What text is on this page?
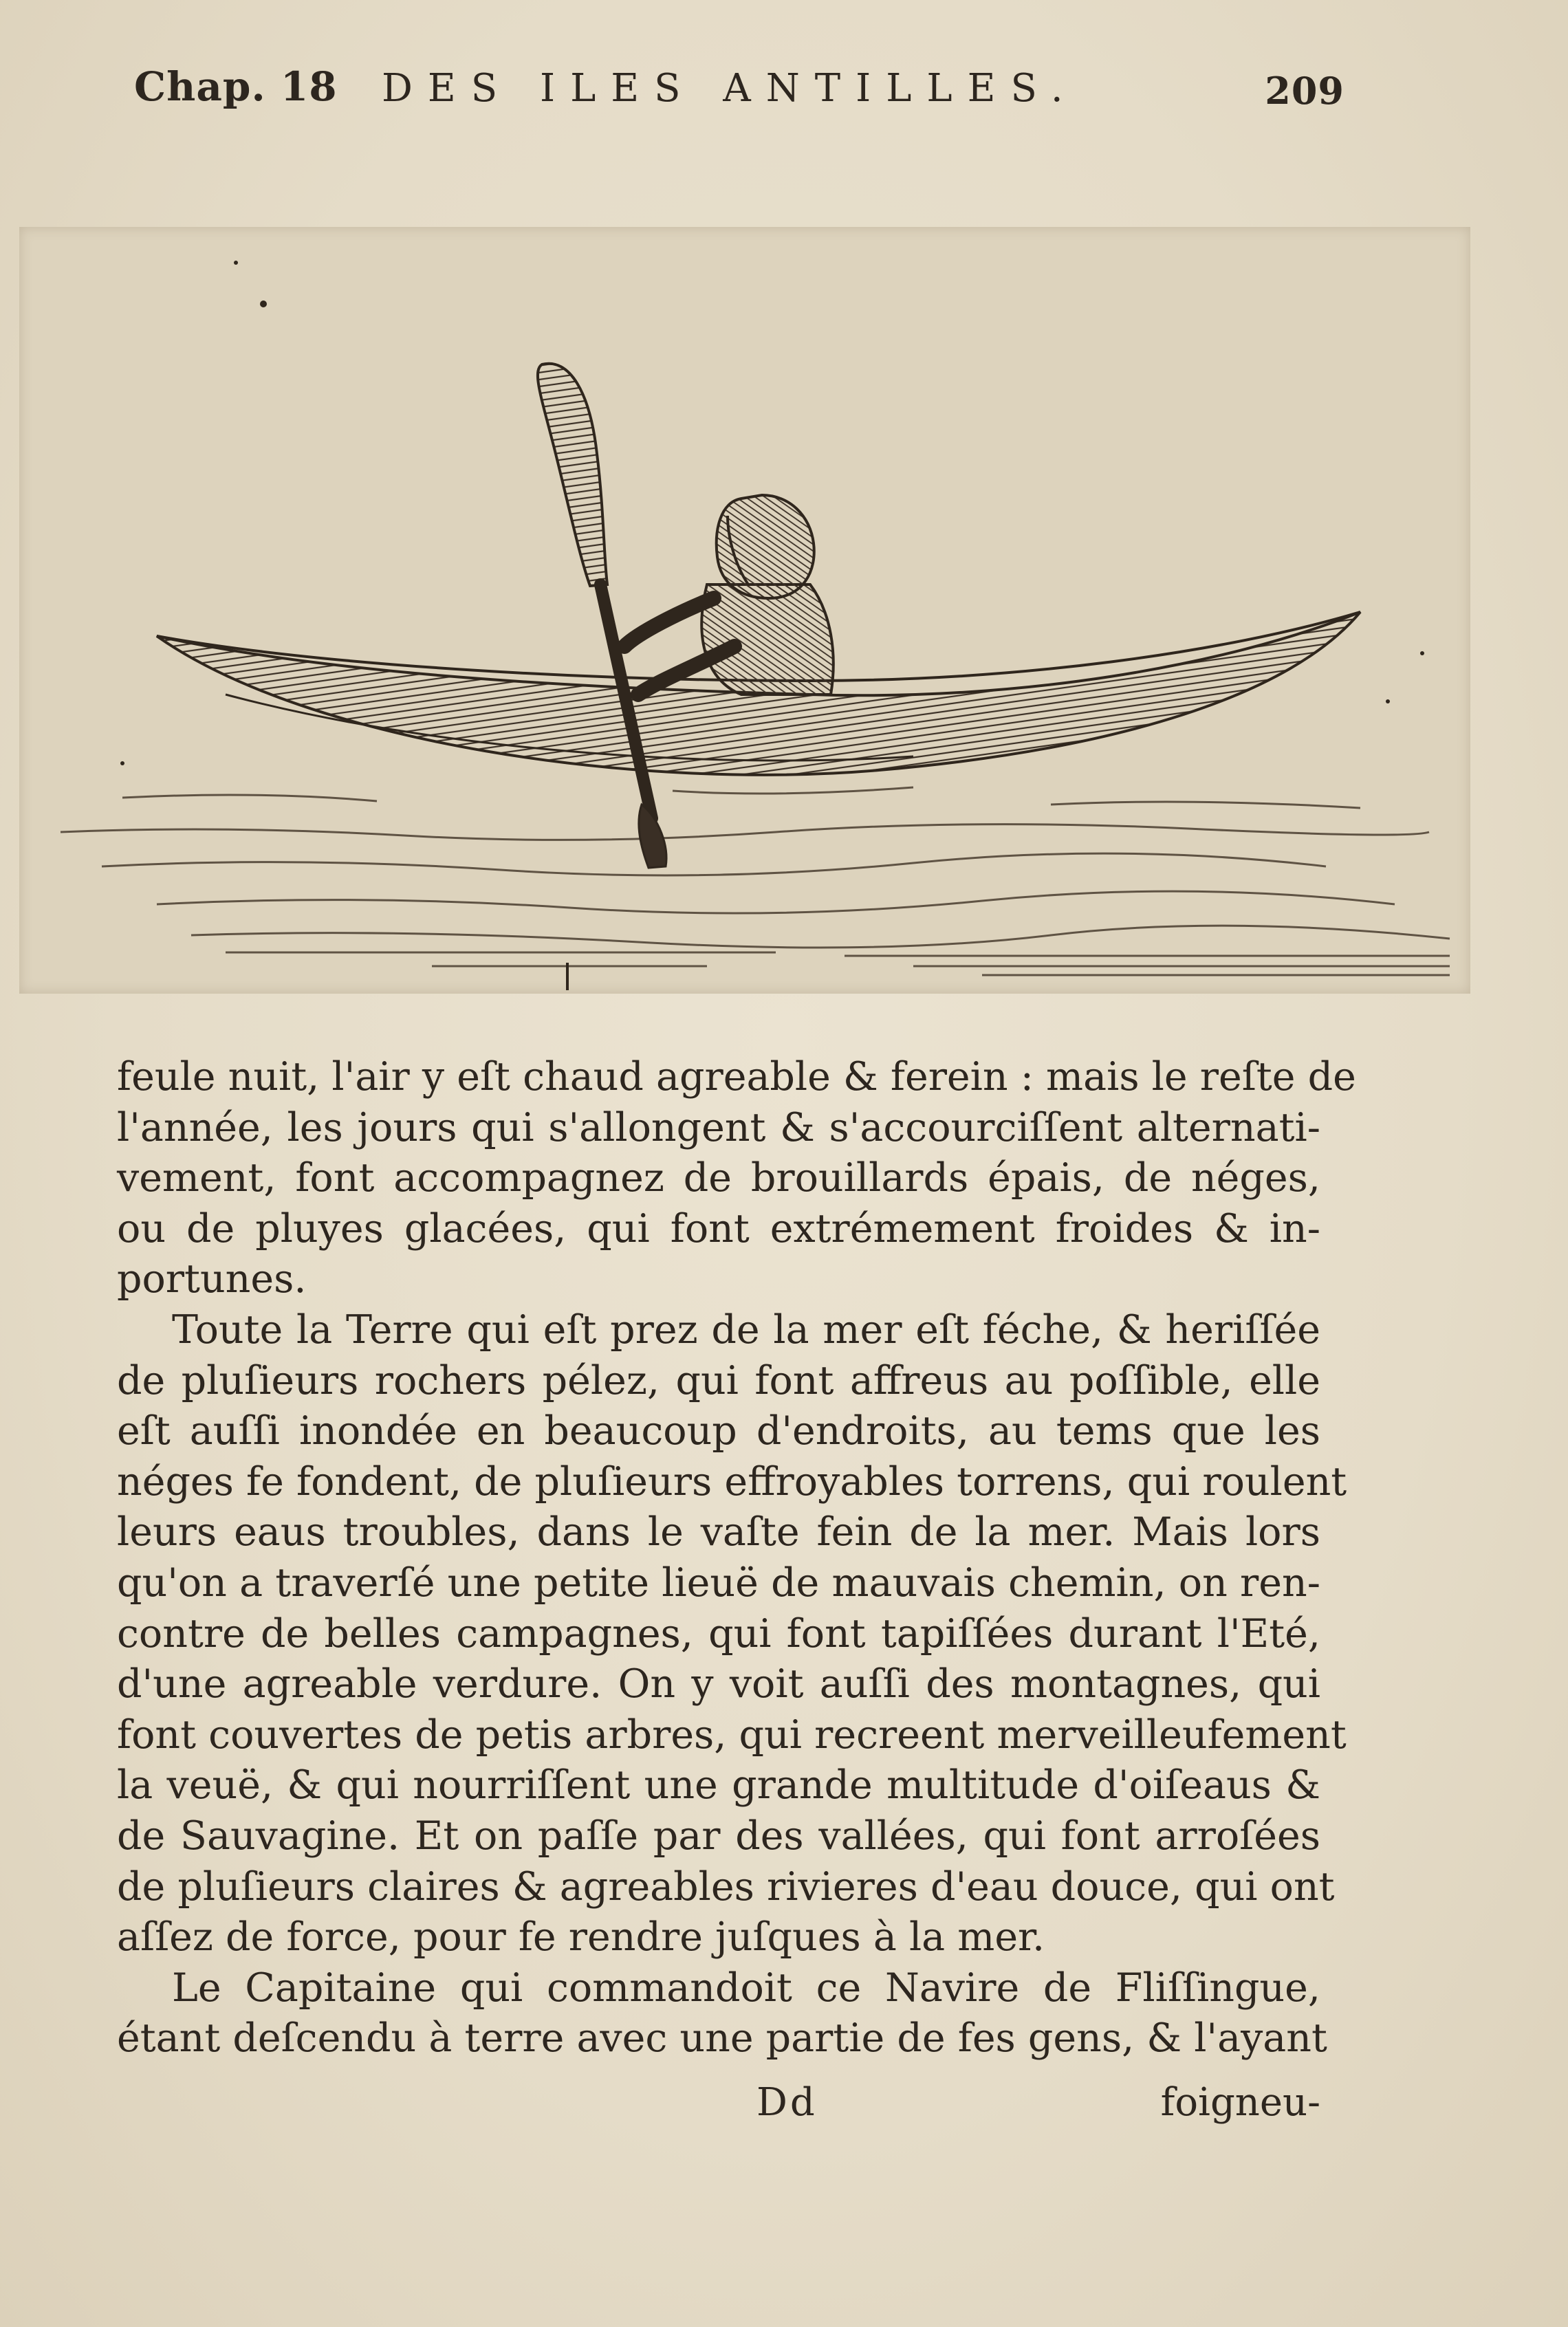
Chap. 18 DES ILES ANTILLES.	209
feule nuit, l'air y eſt chaud agreable & ferein : mais le reſte de
l'année, les jours qui s'allongent & s'accourciſſent alternati-
vement, font accompagnez de brouillards épais, de néges,
ou de pluyes glacées, qui font extrémement froides & in-
portunes.
Toute la Terre qui eſt prez de la mer eſt féche, & heriſſée
de pluſieurs rochers pélez, qui font affreus au poſſible, elle
eſt auſſi inondée en beaucoup d'endroits, au tems que les
néges fe fondent, de pluſieurs effroyables torrens, qui roulent
leurs eaus troubles, dans le vaſte fein de la mer. Mais lors
qu'on a traverſé une petite lieuë de mauvais chemin, on ren-
contre de belles campagnes, qui font tapiſſées durant l'Eté,
d'une agreable verdure. On y voit auſſi des montagnes, qui
font couvertes de petis arbres, qui recreent merveilleufement
la veuë, & qui nourriſſent une grande multitude d'oiſeaus &
de Sauvagine. Et on paſſe par des vallées, qui font arroſées
de pluſieurs claires & agreables rivieres d'eau douce, qui ont
aſſez de force, pour fe rendre juſques à la mer.
Le Capitaine qui commandoit ce Navire de Fliſſingue,
étant deſcendu à terre avec une partie de fes gens, & l'ayant
Dd	foigneu-
